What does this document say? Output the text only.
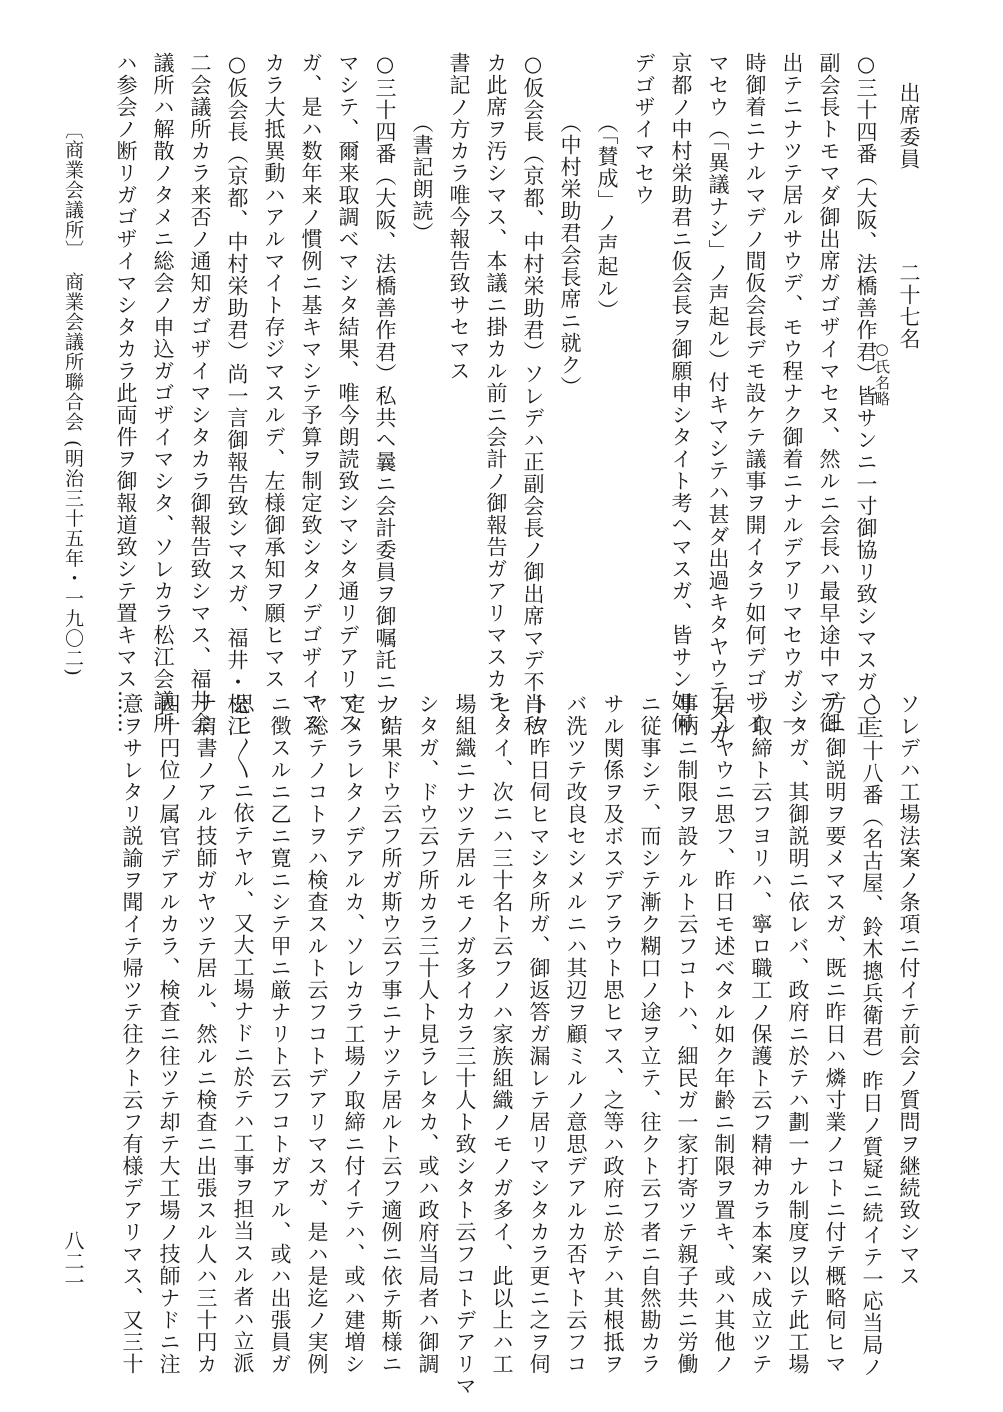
出席委員
二十七名
○氏名略
○三十四番（大阪、法橋善作君）皆サンニ一寸御協リ致シマスガ、正
副会長トモマダ御出席ガゴザイマセヌ、然ルニ会長ハ最早途中マデ御
出テニナツテ居ルサウデ、モウ程ナク御着ニナルデアリマセウガ、一
時御着ニナルマデノ間仮会長デモ設ケテ議事ヲ開イタラ如何デゴザイ
マセウ（「異議ナシ」ノ声起ル）付キマシテハ甚ダ出過キタヤウテスガ
京都ノ中村栄助君ニ仮会長ヲ御願申シタイト考ヘマスガ、皆サン如何
デゴザイマセウ
（「賛成」ノ声起ル）
（中村栄助君会長席ニ就ク）
○仮会長（京都、中村栄助君）ソレデハ正副会長ノ御出席マデ不肖私
カ此席ヲ汚シマス、本議ニ掛カル前ニ会計ノ御報告ガアリマスカラ、
書記ノ方カラ唯今報告致サセマス
（書記朗読）
○三十四番（大阪、法橋善作君）私共ヘ曩ニ会計委員ヲ御嘱託ニナリ
マシテ、爾来取調ベマシタ結果、唯今朗読致シマシタ通リデアリマス
ガ、是ハ数年来ノ慣例ニ基キマシテ予算ヲ制定致シタノデゴザイマス
カラ大抵異動ハアルマイト存ジマスルデ、左様御承知ヲ願ヒマス
○仮会長（京都、中村栄助君）尚一言御報告致シマスガ、福井・松江
二会議所カラ来否ノ通知ガゴザイマシタカラ御報告致シマス、福井会
議所ハ解散ノタメニ総会ノ申込ガゴザイマシタ、ソレカラ松江会議所
ハ参会ノ断リガゴザイマシタカラ此両件ヲ御報道致シテ置キマス……
〔商業会議所〕
商業会議所聯合会
(明治三十五年・一九〇二)
ソレデハ工場法案ノ条項ニ付イテ前会ノ質問ヲ継続致シマス
○三十八番（名古屋、鈴木摠兵衛君）昨日ノ質疑ニ続イテ一応当局ノ
方ニ御説明ヲ要メマスガ、既ニ昨日ハ燐寸業ノコトニ付テ概略伺ヒマ
シタガ、其御説明ニ依レバ、政府ニ於テハ劃一ナル制度ヲ以テ此工場
ノ取締ト云フヨリハ、寧ロ職工ノ保護ト云フ精神カラ本案ハ成立ツテ
居ルヤウニ思フ、昨日モ述ベタル如ク年齢ニ制限ヲ置キ、或ハ其他ノ
事柄ニ制限ヲ設ケルト云フコトハ、細民ガ一家打寄ツテ親子共ニ労働
ニ従事シテ、而シテ漸ク糊口ノ途ヲ立テ、往クト云フ者ニ自然勘カラ
サル関係ヲ及ボスデアラウト思ヒマス、之等ハ政府ニ於テハ其根抵ヲ
バ洗ツテ改良セシメルニハ其辺ヲ顧ミルノ意思デアルカ否ヤト云フコ
トヲ昨日伺ヒマシタ所ガ、御返答ガ漏レテ居リマシタカラ更ニ之ヲ伺
ヒタイ、次ニハ三十名ト云フノハ家族組織ノモノガ多イ、此以上ハ工
場組織ニナツテ居ルモノガ多イカラ三十人ト致シタト云フコトデアリマ
シタガ、ドウ云フ所カラ三十人ト見ラレタカ、或ハ政府当局者ハ御調
ノ結果ドウ云フ所ガ斯ウ云フ事ニナツテ居ルト云フ適例ニ依テ斯様ニ
定メラレタノデアルカ、ソレカラ工場ノ取締ニ付イテハ、或ハ建増シ
ヤ総テノコトヲハ検査スルト云フコトデアリマスガ、是ハ是迄ノ実例
ニ徴スルニ乙ニ寛ニシテ甲ニ厳ナリト云フコトガアル、或ハ出張員ガ
思ヒ〳〵ニ依テヤル、又大工場ナドニ於テハ工事ヲ担当スル者ハ立派
ナ肩書ノアル技師ガヤツテ居ル、然ルニ検査ニ出張スル人ハ三十円カ
四十円位ノ属官デアルカラ、検査ニ往ツテ却テ大工場ノ技師ナドニ注
意ヲサレタリ説諭ヲ聞イテ帰ツテ往クト云フ有様デアリマス、又三十
八二一
